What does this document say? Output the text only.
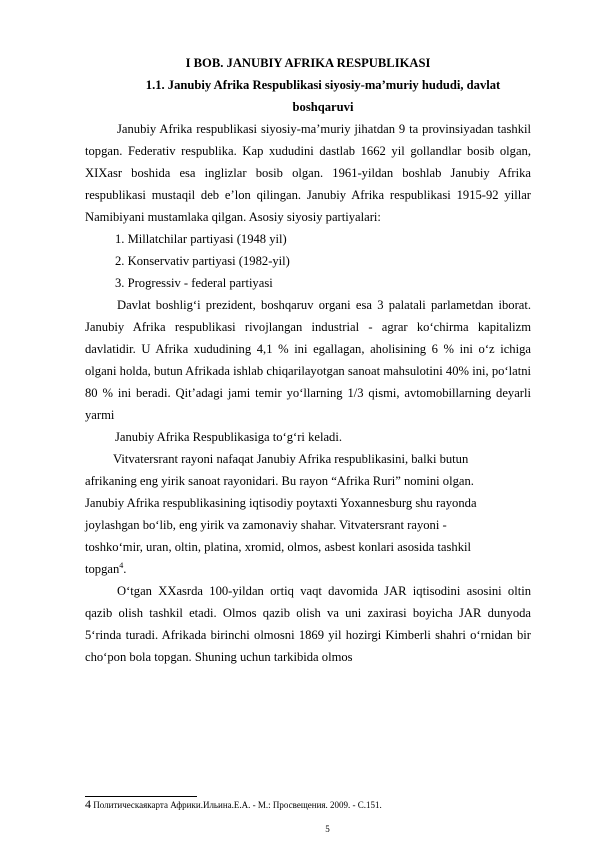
I BOB. JANUBIY AFRIKA RESPUBLIKASI

1.1. Janubiy Afrika Respublikasi siyosiy-ma’muriy hududi, davlat boshqaruvi

Janubiy Afrika respublikasi siyosiy-ma’muriy jihatdan 9 ta provinsiyadan tashkil topgan. Federativ respublika. Kap xududini dastlab 1662 yil gollandlar bosib olgan, XIXasr boshida esa inglizlar bosib olgan. 1961-yildan boshlab Janubiy Afrika respublikasi mustaqil deb e’lon qilingan. Janubiy Afrika respublikasi 1915-92 yillar Namibiyani mustamlaka qilgan. Asosiy siyosiy partiyalari:

1. Millatchilar partiyasi (1948 yil)

2. Konservativ partiyasi (1982-yil)

3. Progressiv - federal partiyasi

Davlat boshlig‘i prezident, boshqaruv organi esa 3 palatali parlametdan iborat. Janubiy Afrika respublikasi rivojlangan industrial - agrar ko‘chirma kapitalizm davlatidir. U Afrika xududining 4,1 % ini egallagan, aholisining 6 % ini o‘z ichiga olgani holda, butun Afrikada ishlab chiqarilayotgan sanoat mahsulotini 40% ini, po‘latni 80 % ini beradi. Qit’adagi jami temir yo‘llarning 1/3 qismi, avtomobillarning deyarli yarmi

Janubiy Afrika Respublikasiga to‘g‘ri keladi.

Vitvatersrant rayoni nafaqat Janubiy Afrika respublikasini, balki butun

afrikaning eng yirik sanoat rayonidari. Bu rayon “Afrika Ruri” nomini olgan.

Janubiy Afrika respublikasining iqtisodiy poytaxti Yoxannesburg shu rayonda

joylashgan bo‘lib, eng yirik va zamonaviy shahar. Vitvatersrant rayoni -

toshko‘mir, uran, oltin, platina, xromid, olmos, asbest konlari asosida tashkil

topgan$^4$.

O‘tgan XXasrda 100-yildan ortiq vaqt davomida JAR iqtisodini asosini oltin qazib olish tashkil etadi. Olmos qazib olish va uni zaxirasi boyicha JAR dunyoda 5‘rinda turadi. Afrikada birinchi olmosni 1869 yil hozirgi Kimberli shahri o‘rnidan bir cho‘pon bola topgan. Shuning uchun tarkibida olmos

4 Политическаякарта Африки.Ильина.Е.А. - М.: Просвещения. 2009. - С.151.
5
